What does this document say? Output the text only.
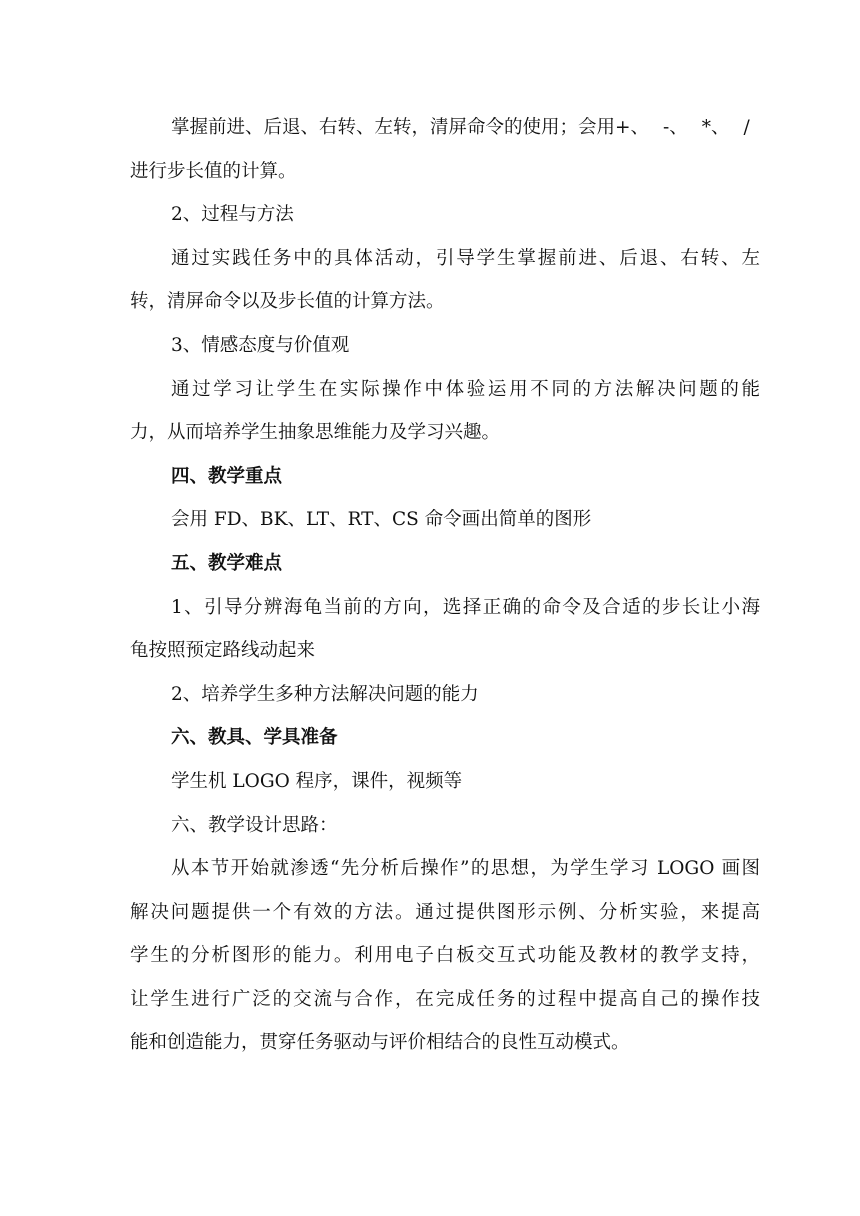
掌握前进、后退、右转、左转，清屏命令的使用；会用+、 -、 *、 /
进行步长值的计算。
2、过程与方法
通过实践任务中的具体活动，引导学生掌握前进、后退、右转、左
转，清屏命令以及步长值的计算方法。
3、情感态度与价值观
通过学习让学生在实际操作中体验运用不同的方法解决问题的能
力，从而培养学生抽象思维能力及学习兴趣。
四、教学重点
会用 FD、BK、LT、RT、CS 命令画出简单的图形
五、教学难点
1、引导分辨海龟当前的方向，选择正确的命令及合适的步长让小海
龟按照预定路线动起来
2、培养学生多种方法解决问题的能力
六、教具、学具准备
学生机 LOGO 程序，课件，视频等
六、教学设计思路：
从本节开始就渗透“先分析后操作”的思想，为学生学习 LOGO 画图
解决问题提供一个有效的方法。通过提供图形示例、分析实验，来提高
学生的分析图形的能力。利用电子白板交互式功能及教材的教学支持，
让学生进行广泛的交流与合作，在完成任务的过程中提高自己的操作技
能和创造能力，贯穿任务驱动与评价相结合的良性互动模式。
